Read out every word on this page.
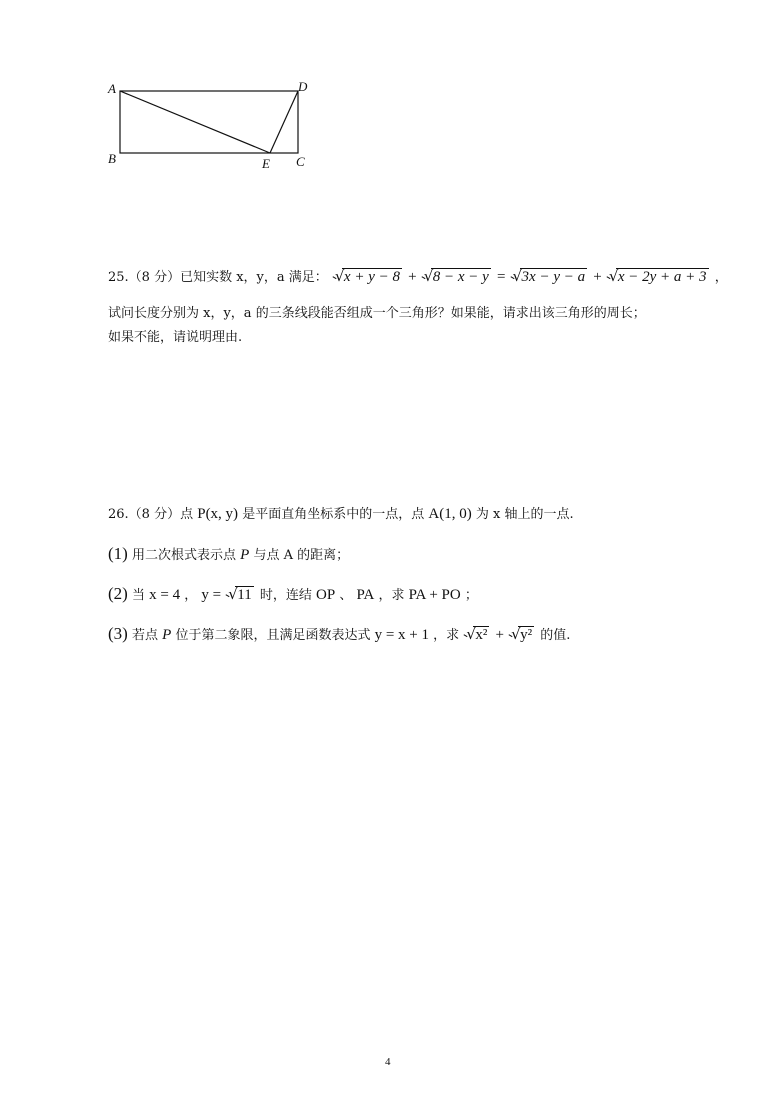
A
B	C
D
E
25.（8 分）已知实数 x，y，a 满足： √ x + y − 8 + √ 8 − x − y = √ 3x − y − a + √ x − 2y + a + 3 ，
试问长度分别为 x，y，a 的三条线段能否组成一个三角形？如果能，请求出该三角形的周长；
如果不能，请说明理由.
26.（8 分）点 P(x, y) 是平面直角坐标系中的一点，点 A(1, 0) 为 x 轴上的一点.
(1) 用二次根式表示点 P 与点 A 的距离；
(2) 当 x = 4 ， y = √ 11 时，连结 OP 、 PA ，求 PA + PO ；
(3) 若点 P 位于第二象限，且满足函数表达式 y = x + 1 ，求 √ x² + √ y² 的值.
4
